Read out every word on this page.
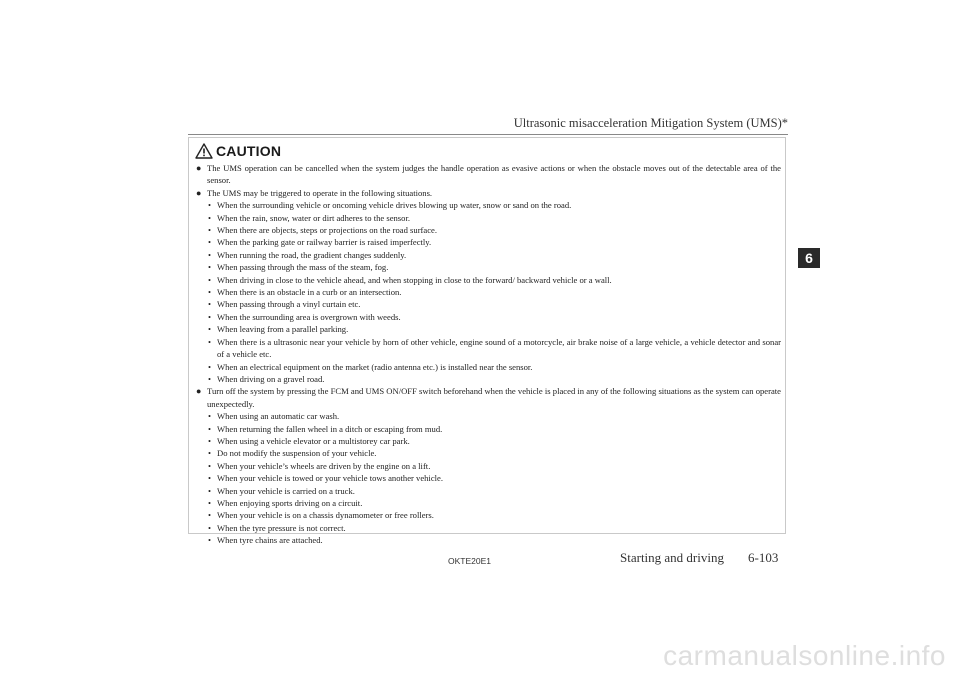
Ultrasonic misacceleration Mitigation System (UMS)*
6
CAUTION
● The UMS operation can be cancelled when the system judges the handle operation as evasive actions or when the obstacle moves out of the detectable area of the sensor.
● The UMS may be triggered to operate in the following situations.
• When the surrounding vehicle or oncoming vehicle drives blowing up water, snow or sand on the road.
• When the rain, snow, water or dirt adheres to the sensor.
• When there are objects, steps or projections on the road surface.
• When the parking gate or railway barrier is raised imperfectly.
• When running the road, the gradient changes suddenly.
• When passing through the mass of the steam, fog.
• When driving in close to the vehicle ahead, and when stopping in close to the forward/ backward vehicle or a wall.
• When there is an obstacle in a curb or an intersection.
• When passing through a vinyl curtain etc.
• When the surrounding area is overgrown with weeds.
• When leaving from a parallel parking.
• When there is a ultrasonic near your vehicle by horn of other vehicle, engine sound of a motorcycle, air brake noise of a large vehicle, a vehicle detector and sonar of a vehicle etc.
• When an electrical equipment on the market (radio antenna etc.) is installed near the sensor.
• When driving on a gravel road.
● Turn off the system by pressing the FCM and UMS ON/OFF switch beforehand when the vehicle is placed in any of the following situations as the system can operate unexpectedly.
• When using an automatic car wash.
• When returning the fallen wheel in a ditch or escaping from mud.
• When using a vehicle elevator or a multistorey car park.
• Do not modify the suspension of your vehicle.
• When your vehicle’s wheels are driven by the engine on a lift.
• When your vehicle is towed or your vehicle tows another vehicle.
• When your vehicle is carried on a truck.
• When enjoying sports driving on a circuit.
• When your vehicle is on a chassis dynamometer or free rollers.
• When the tyre pressure is not correct.
• When tyre chains are attached.
OKTE20E1	Starting and driving 6-103
carmanualsonline.info
